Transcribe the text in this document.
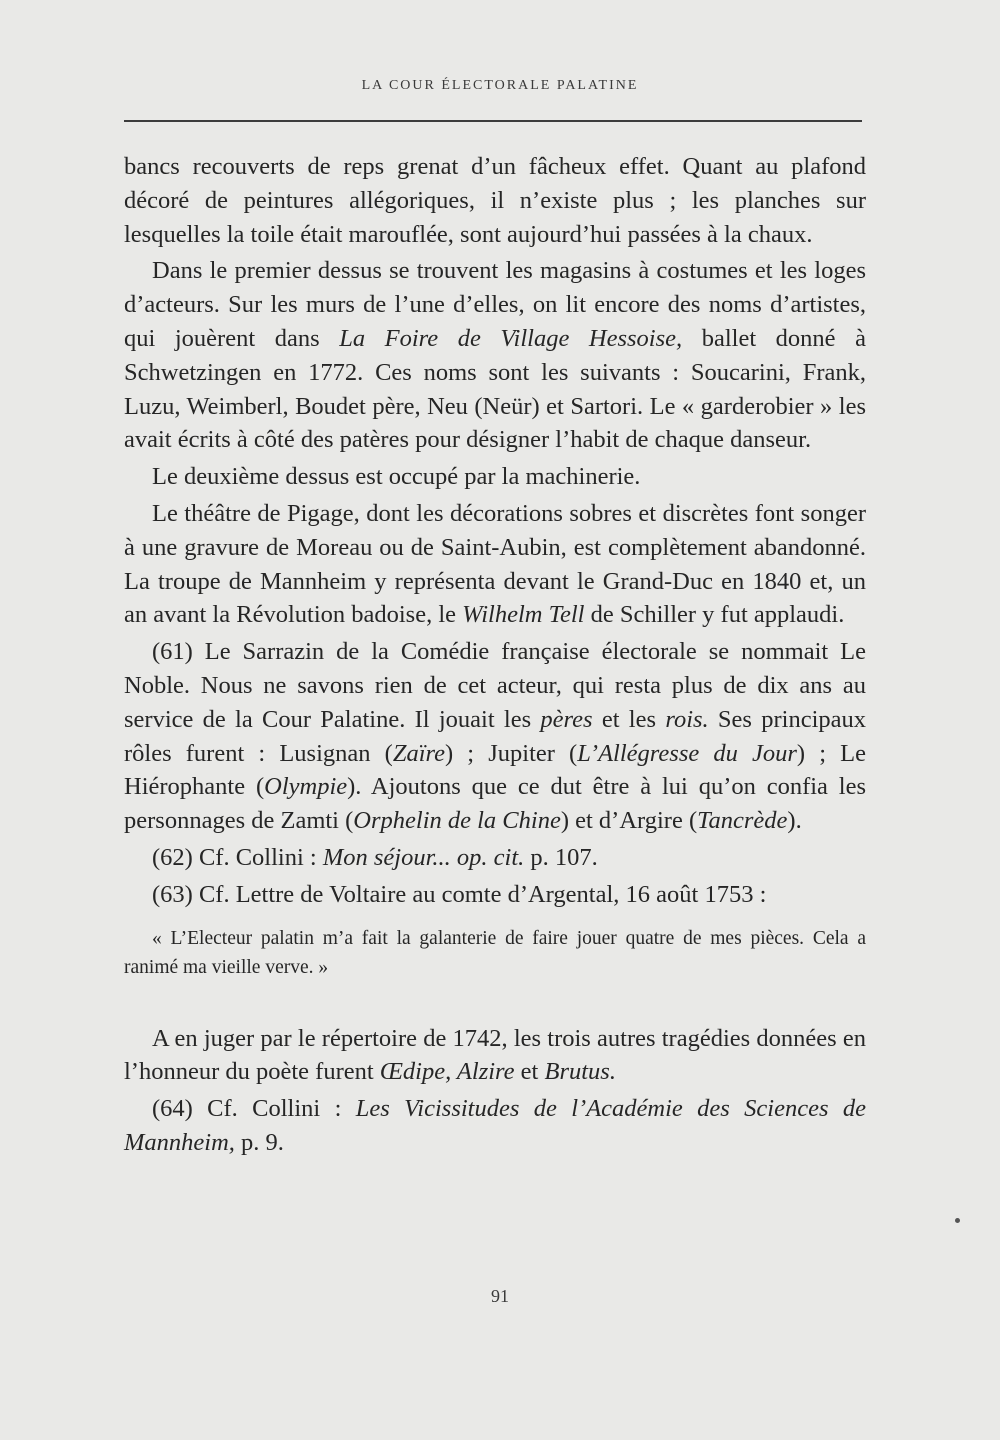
LA COUR ÉLECTORALE PALATINE

bancs recouverts de reps grenat d’un fâcheux effet. Quant au plafond décoré de peintures allégoriques, il n’existe plus ; les planches sur lesquelles la toile était marouflée, sont aujourd’hui passées à la chaux.

Dans le premier dessus se trouvent les magasins à costumes et les loges d’acteurs. Sur les murs de l’une d’elles, on lit encore des noms d’artistes, qui jouèrent dans La Foire de Village Hessoise, ballet donné à Schwetzingen en 1772. Ces noms sont les suivants : Soucarini, Frank, Luzu, Weimberl, Boudet père, Neu (Neür) et Sartori. Le « garderobier » les avait écrits à côté des patères pour désigner l’habit de chaque danseur.

Le deuxième dessus est occupé par la machinerie.

Le théâtre de Pigage, dont les décorations sobres et discrètes font songer à une gravure de Moreau ou de Saint-Aubin, est complètement abandonné. La troupe de Mannheim y représenta devant le Grand-Duc en 1840 et, un an avant la Révolution badoise, le Wilhelm Tell de Schiller y fut applaudi.

(61) Le Sarrazin de la Comédie française électorale se nommait Le Noble. Nous ne savons rien de cet acteur, qui resta plus de dix ans au service de la Cour Palatine. Il jouait les pères et les rois. Ses principaux rôles furent : Lusignan (Zaïre) ; Jupiter (L’Allégresse du Jour) ; Le Hiérophante (Olympie). Ajoutons que ce dut être à lui qu’on confia les personnages de Zamti (Orphelin de la Chine) et d’Argire (Tancrède).

(62) Cf. Collini : Mon séjour... op. cit. p. 107.

(63) Cf. Lettre de Voltaire au comte d’Argental, 16 août 1753 :

« L’Electeur palatin m’a fait la galanterie de faire jouer quatre de mes pièces. Cela a ranimé ma vieille verve. »

A en juger par le répertoire de 1742, les trois autres tragédies données en l’honneur du poète furent Œdipe, Alzire et Brutus.

(64) Cf. Collini : Les Vicissitudes de l’Académie des Sciences de Mannheim, p. 9.

91
